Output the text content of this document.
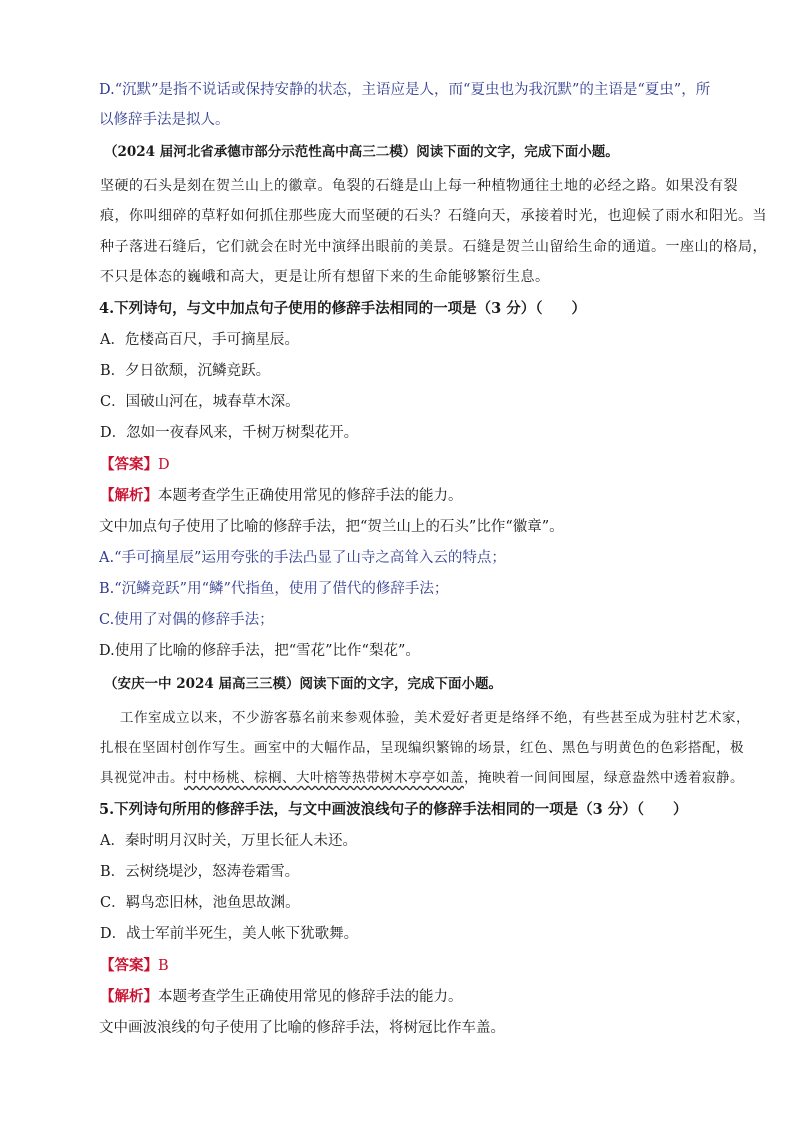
D.“沉默”是指不说话或保持安静的状态，主语应是人，而“夏虫也为我沉默”的主语是“夏虫”，所
以修辞手法是拟人。
（2024 届河北省承德市部分示范性高中高三二模）阅读下面的文字，完成下面小题。
坚硬的石头是刻在贺兰山上的徽章。龟裂的石缝是山上每一种植物通往土地的必经之路。如果没有裂
痕，你叫细碎的草籽如何抓住那些庞大而坚硬的石头？石缝向天，承接着时光，也迎候了雨水和阳光。当
种子落进石缝后，它们就会在时光中演绎出眼前的美景。石缝是贺兰山留给生命的通道。一座山的格局，
不只是体态的巍峨和高大，更是让所有想留下来的生命能够繁衍生息。
4.下列诗句，与文中加点句子使用的修辞手法相同的一项是（3 分）（　　）
A．危楼高百尺，手可摘星辰。
B．夕日欲颓，沉鳞竞跃。
C．国破山河在，城春草木深。
D．忽如一夜春风来，千树万树梨花开。
【答案】D
【解析】本题考查学生正确使用常见的修辞手法的能力。
文中加点句子使用了比喻的修辞手法，把“贺兰山上的石头”比作“徽章”。
A.“手可摘星辰”运用夸张的手法凸显了山寺之高耸入云的特点；
B.“沉鳞竞跃”用“鳞”代指鱼，使用了借代的修辞手法；
C.使用了对偶的修辞手法；
D.使用了比喻的修辞手法，把“雪花”比作“梨花”。
（安庆一中 2024 届高三三模）阅读下面的文字，完成下面小题。
工作室成立以来，不少游客慕名前来参观体验，美术爱好者更是络绎不绝，有些甚至成为驻村艺术家，
扎根在坚固村创作写生。画室中的大幅作品，呈现编织繁锦的场景，红色、黑色与明黄色的色彩搭配，极
具视觉冲击。村中杨桃、棕榈、大叶榕等热带树木亭亭如盖，掩映着一间间囤屋，绿意盎然中透着寂静。
5.下列诗句所用的修辞手法，与文中画波浪线句子的修辞手法相同的一项是（3 分）（　　）
A．秦时明月汉时关，万里长征人未还。
B．云树绕堤沙，怒涛卷霜雪。
C．羁鸟恋旧林，池鱼思故渊。
D．战士军前半死生，美人帐下犹歌舞。
【答案】B
【解析】本题考查学生正确使用常见的修辞手法的能力。
文中画波浪线的句子使用了比喻的修辞手法，将树冠比作车盖。
